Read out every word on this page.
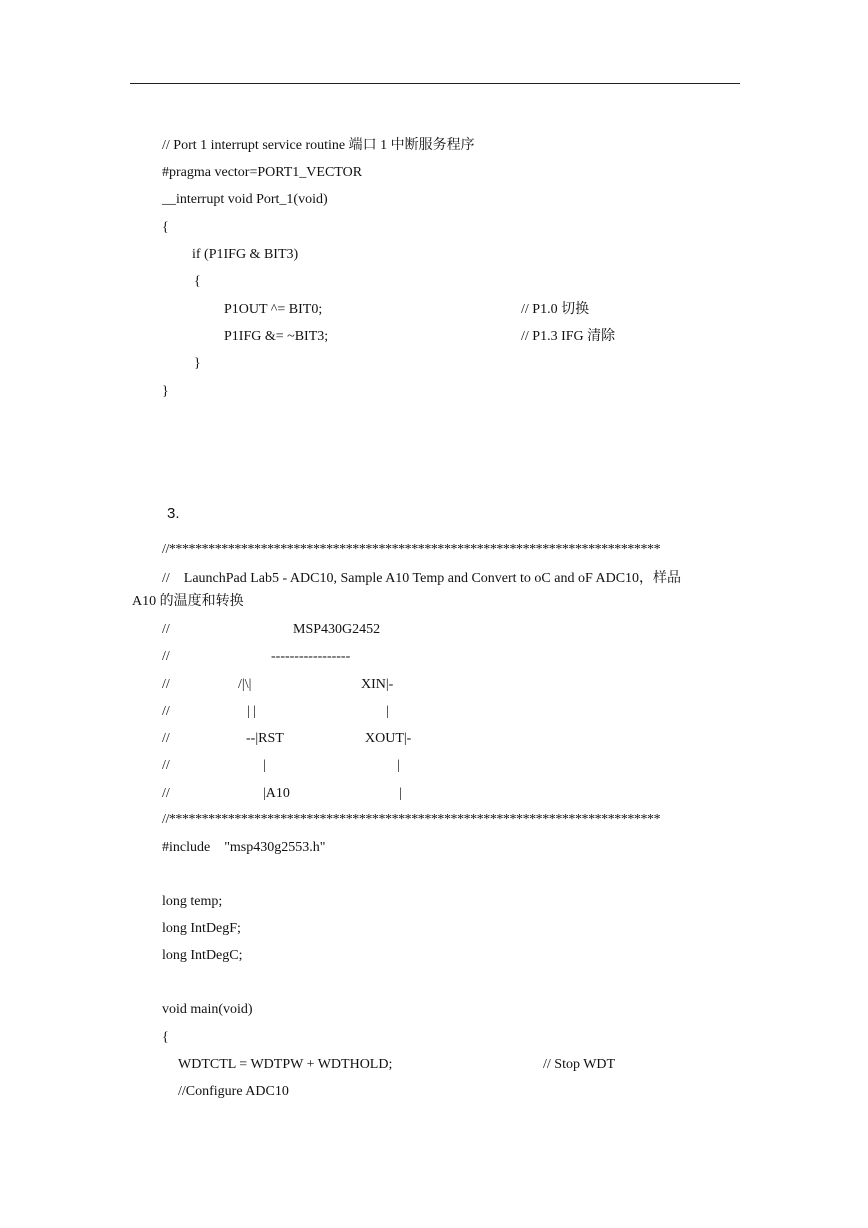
// Port 1 interrupt service routine 端口 1 中断服务程序
#pragma vector=PORT1_VECTOR
__interrupt void Port_1(void)
{
if (P1IFG & BIT3)
{
P1OUT ^= BIT0;	// P1.0 切换
P1IFG &= ~BIT3;	// P1.3 IFG 清除
}
}
3.
//***************************************************************************
//    LaunchPad Lab5 - ADC10, Sample A10 Temp and Convert to oC and oF ADC10，样品
A10 的温度和转换
//	MSP430G2452
//	-----------------
//	/|\|	XIN|-
//	| |	|
//	--|RST	XOUT|-
//	|	|
//	|A10	|
//***************************************************************************
#include    "msp430g2553.h"
long temp;
long IntDegF;
long IntDegC;
void main(void)
{
WDTCTL = WDTPW + WDTHOLD;	// Stop WDT
//Configure ADC10
